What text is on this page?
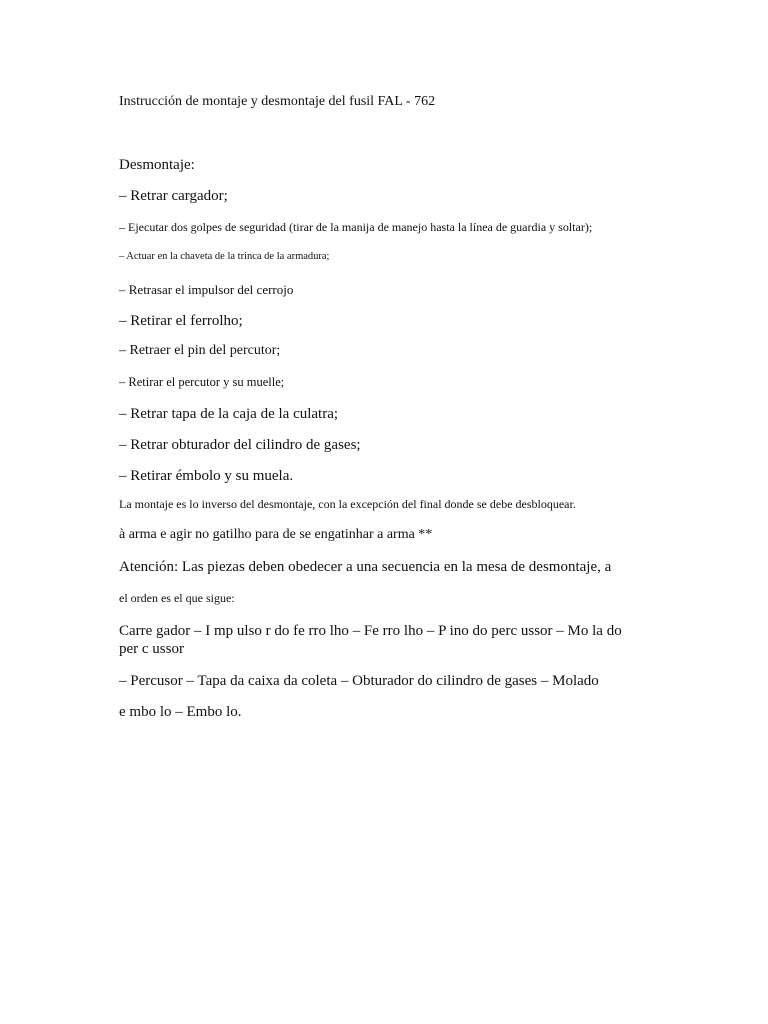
Instrucción de montaje y desmontaje del fusil FAL - 762

Desmontaje:

– Retrar cargador;

– Ejecutar dos golpes de seguridad (tirar de la manija de manejo hasta la línea de guardia y soltar);

– Actuar en la chaveta de la trinca de la armadura;

– Retrasar el impulsor del cerrojo

– Retirar el ferrolho;

– Retraer el pin del percutor;

– Retirar el percutor y su muelle;

– Retrar tapa de la caja de la culatra;

– Retrar obturador del cilindro de gases;

– Retirar émbolo y su muela.

La montaje es lo inverso del desmontaje, con la excepción del final donde se debe desbloquear.

à arma e agir no gatilho para de se engatinhar a arma **

Atención: Las piezas deben obedecer a una secuencia en la mesa de desmontaje, a

el orden es el que sigue:

Carre gador – I mp ulso r do fe rro lho – Fe rro lho – P ino do perc ussor – Mo la do per c ussor

– Percusor – Tapa da caixa da coleta – Obturador do cilindro de gases – Molado

e mbo lo – Embo lo.
